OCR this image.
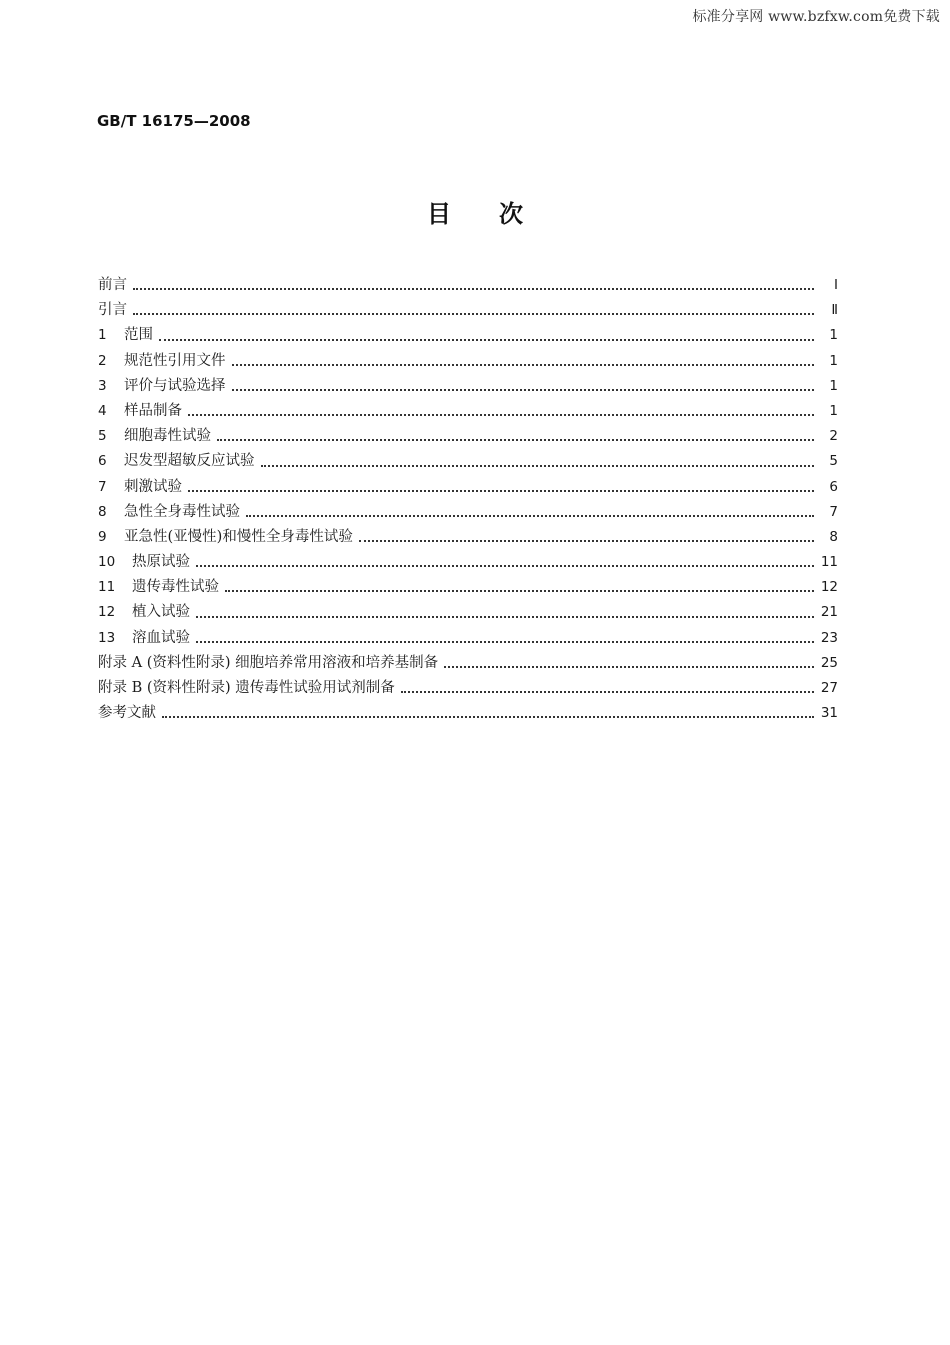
标准分享网 www.bzfxw.com免费下载
GB/T 16175—2008
目次
前言	Ⅰ
引言	Ⅱ
1	范围	1
2	规范性引用文件	1
3	评价与试验选择	1
4	样品制备	1
5	细胞毒性试验	2
6	迟发型超敏反应试验	5
7	刺激试验	6
8	急性全身毒性试验	7
9	亚急性(亚慢性)和慢性全身毒性试验	8
10	热原试验	11
11	遗传毒性试验	12
12	植入试验	21
13	溶血试验	23
附录 A (资料性附录) 细胞培养常用溶液和培养基制备	25
附录 B (资料性附录) 遗传毒性试验用试剂制备	27
参考文献	31
